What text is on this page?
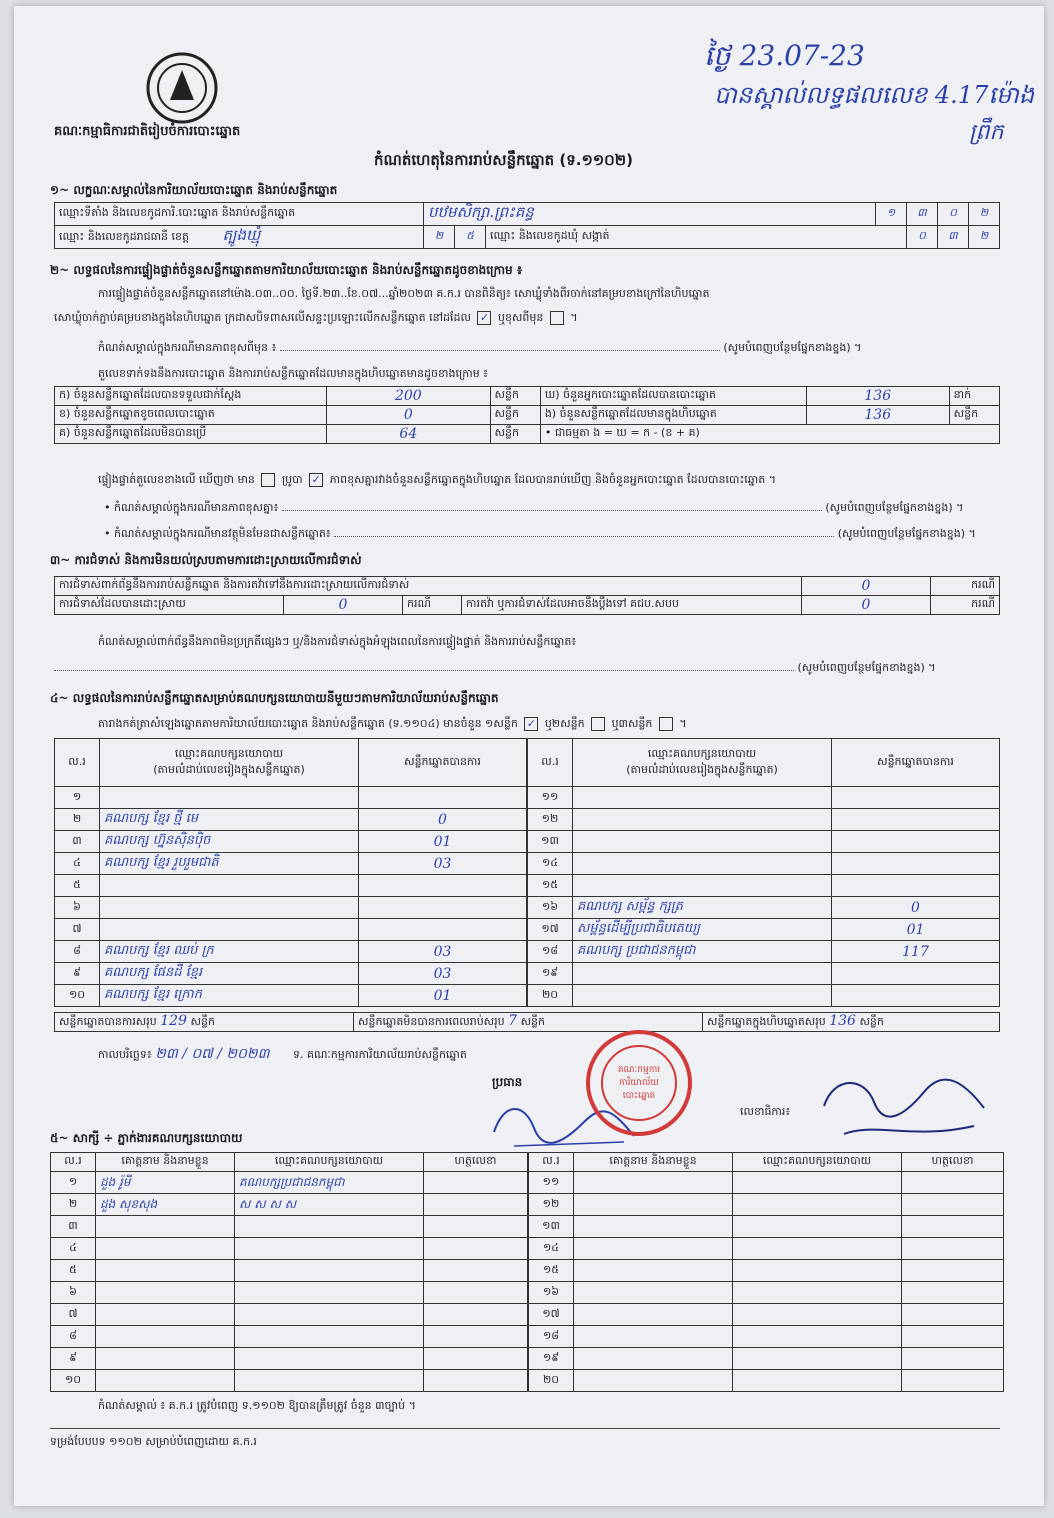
ថ្ងៃ 23.07-23
បានស្គាល់លទ្ធផលលេខ 4.17ម៉ោង
ព្រឹក
គណៈកម្មាធិការជាតិរៀបចំការបោះឆ្នោត
កំណត់ហេតុនៃការរាប់សន្លឹកឆ្នោត (ទ.១១០២)
១~ លក្ខណៈសម្គាល់នៃការិយាល័យបោះឆ្នោត និងរាប់សន្លឹកឆ្នោត
ឈ្មោះទីតាំង និងលេខកូដការិ.បោះឆ្នោត និងរាប់សន្លឹកឆ្នោត	បឋមសិក្សា.ព្រះគន្ធ			១	៣	០	២
ឈ្មោះ និងលេខកូដរាជធានី ខេត្ត ត្បូងឃ្មុំ	២	៥	ឈ្មោះ និងលេខកូដឃុំ សង្កាត់		០	៣	២
២~ លទ្ធផលនៃការផ្ទៀងផ្ទាត់ចំនួនសន្លឹកឆ្នោតតាមការិយាល័យបោះឆ្នោត និងរាប់សន្លឹកឆ្នោតដូចខាងក្រោម ៖
ការផ្ទៀងផ្ទាត់ចំនួនសន្លឹកឆ្នោតនៅម៉ោង.០៣..០០. ថ្ងៃទី.២៣..ខែ.០៧...ឆ្នាំ២០២៣ គ.ក.រ បានពិនិត្យ៖ សោឃ្លុំទាំងពីរចាក់នៅគម្របខាងក្រៅនៃហិបឆ្នោត
សោឃ្លុំចាក់ភ្ជាប់គម្របខាងក្នុងនៃហិបឆ្នោត ក្រដាសបិទពាសលើសន្ទះប្រឡោះលើកសន្លឹកឆ្នោត នៅដដែល ✓ ឬខុសពីមុន ។
កំណត់សម្គាល់ក្នុងករណីមានភាពខុសពីមុន ៖	(សូមបំពេញបន្ថែមផ្នែកខាងខ្នង) ។
តួលេខទាក់ទងនឹងការបោះឆ្នោត និងការរាប់សន្លឹកឆ្នោតដែលមានក្នុងហិបឆ្នោតមានដូចខាងក្រោម ៖
ក) ចំនួនសន្លឹកឆ្នោតដែលបានទទួលជាក់ស្តែង	200	សន្លឹក	ឃ) ចំនួនអ្នកបោះឆ្នោតដែលបានបោះឆ្នោត	136	នាក់
ខ) ចំនួនសន្លឹកឆ្នោតខូចពេលបោះឆ្នោត	0	សន្លឹក	ង) ចំនួនសន្លឹកឆ្នោតដែលមានក្នុងហិបឆ្នោត	136	សន្លឹក
គ) ចំនួនសន្លឹកឆ្នោតដែលមិនបានប្រើ	64	សន្លឹក	• ជាធម្មតា ង = ឃ = ក - (ខ + គ)		
ផ្ទៀងផ្ទាត់តួលេខខាងលើ ឃើញថា មាន ប្រូបា ✓ ភាពខុសគ្នារវាងចំនួនសន្លឹកឆ្នោតក្នុងហិបឆ្នោត ដែលបានរាប់ឃើញ និងចំនួនអ្នកបោះឆ្នោត ដែលបានបោះឆ្នោត ។
• កំណត់សម្គាល់ក្នុងករណីមានភាពខុសគ្នា៖	(សូមបំពេញបន្ថែមផ្នែកខាងខ្នង) ។
• កំណត់សម្គាល់ក្នុងករណីមានវត្ថុមិនមែនជាសន្លឹកឆ្នោត៖	(សូមបំពេញបន្ថែមផ្នែកខាងខ្នង) ។
៣~ ការជំទាស់ និងការមិនយល់ស្របតាមការដោះស្រាយលើការជំទាស់
ការជំទាស់ពាក់ព័ន្ធនឹងការរាប់សន្លឹកឆ្នោត និងការតវ៉ាទៅនឹងការដោះស្រាយលើការជំទាស់				0	ករណី
ការជំទាស់ដែលបានដោះស្រាយ	0	ករណី	ការតវ៉ា ឬការជំទាស់ដែលអាចនឹងប្តឹងទៅ គជប.សបប	0	ករណី
កំណត់សម្គាល់ពាក់ព័ន្ធនឹងភាពមិនប្រក្រតីផ្សេងៗ ឬ/និងការជំទាស់ក្នុងអំឡុងពេលនៃការផ្ទៀងផ្ទាត់ និងការរាប់សន្លឹកឆ្នោត៖
(សូមបំពេញបន្ថែមផ្នែកខាងខ្នង) ។
៤~ លទ្ធផលនៃការរាប់សន្លឹកឆ្នោតសម្រាប់គណបក្សនយោបាយនីមួយៗតាមការិយាល័យរាប់សន្លឹកឆ្នោត
តារាងកត់ត្រាសំឡេងឆ្នោតតាមការិយាល័យបោះឆ្នោត និងរាប់សន្លឹកឆ្នោត (ទ.១១០៤) មានចំនួន ១សន្លឹក ✓ ឬ២សន្លឹក ឬ៣សន្លឹក ។
ល.រ	ឈ្មោះគណបក្សនយោបាយ
(តាមលំដាប់លេខរៀងក្នុងសន្លឹកឆ្នោត)	សន្លឹកឆ្នោតបានការ
១		
២	គណបក្ស ខ្មែរ ថ្មី មេ	0
៣	គណបក្ស ហ្វ៊ុនស៊ិនប៉ិច	01
៤	គណបក្ស ខ្មែរ រួបរួមជាតិ	03
៥		
៦		
៧		
៨	គណបក្ស ខ្មែរ ឈប់ ក្រ	03
៩	គណបក្ស ផែនដី ខ្មែរ	03
១០	គណបក្ស ខ្មែរ ក្រោក	01
ល.រ	ឈ្មោះគណបក្សនយោបាយ
(តាមលំដាប់លេខរៀងក្នុងសន្លឹកឆ្នោត)	សន្លឹកឆ្នោតបានការ
១១		
១២		
១៣		
១៤		
១៥		
១៦	គណបក្ស សម្ព័ន្ធ ក្សត្រ	0
១៧	សម្ព័ន្ធដើម្បីប្រជាធិបតេយ្យ	01
១៨	គណបក្ស ប្រជាជនកម្ពុជា	117
១៩		
២០		
សន្លឹកឆ្នោតបានការសរុប 129 សន្លឹក	សន្លឹកឆ្នោតមិនបានការពេលរាប់សរុប 7 សន្លឹក	សន្លឹកឆ្នោតក្នុងហិបឆ្នោតសរុប 136 សន្លឹក
កាលបរិច្ឆេទ៖ ២៣ / ០៧ / ២០២៣ ទ. គណៈកម្មការការិយាល័យរាប់សន្លឹកឆ្នោត
ប្រធាន
លេខាធិការ៖
គណៈកម្មការ ការិយាល័យ បោះឆ្នោត
៥~ សាក្សី ÷ ភ្នាក់ងារគណបក្សនយោបាយ
ល.រ	គោត្តនាម និងនាមខ្លួន	ឈ្មោះគណបក្សនយោបាយ	ហត្ថលេខា
១	ដួង រ៉ូមី	គណបក្សប្រជាជនកម្ពុជា	
២	ដួង សុខសុង	ស ស ស ស	
៣			
៤			
៥			
៦			
៧			
៨			
៩			
១០			
ល.រ	គោត្តនាម និងនាមខ្លួន	ឈ្មោះគណបក្សនយោបាយ	ហត្ថលេខា
១១			
១២			
១៣			
១៤			
១៥			
១៦			
១៧			
១៨			
១៩			
២០			
កំណត់សម្គាល់ ៖ គ.ក.រ ត្រូវបំពេញ ទ.១១០២ ឱ្យបានត្រឹមត្រូវ ចំនួន ៣ច្បាប់ ។
ទម្រង់បែបបទ ១១០២ សម្រាប់បំពេញដោយ គ.ក.រ
